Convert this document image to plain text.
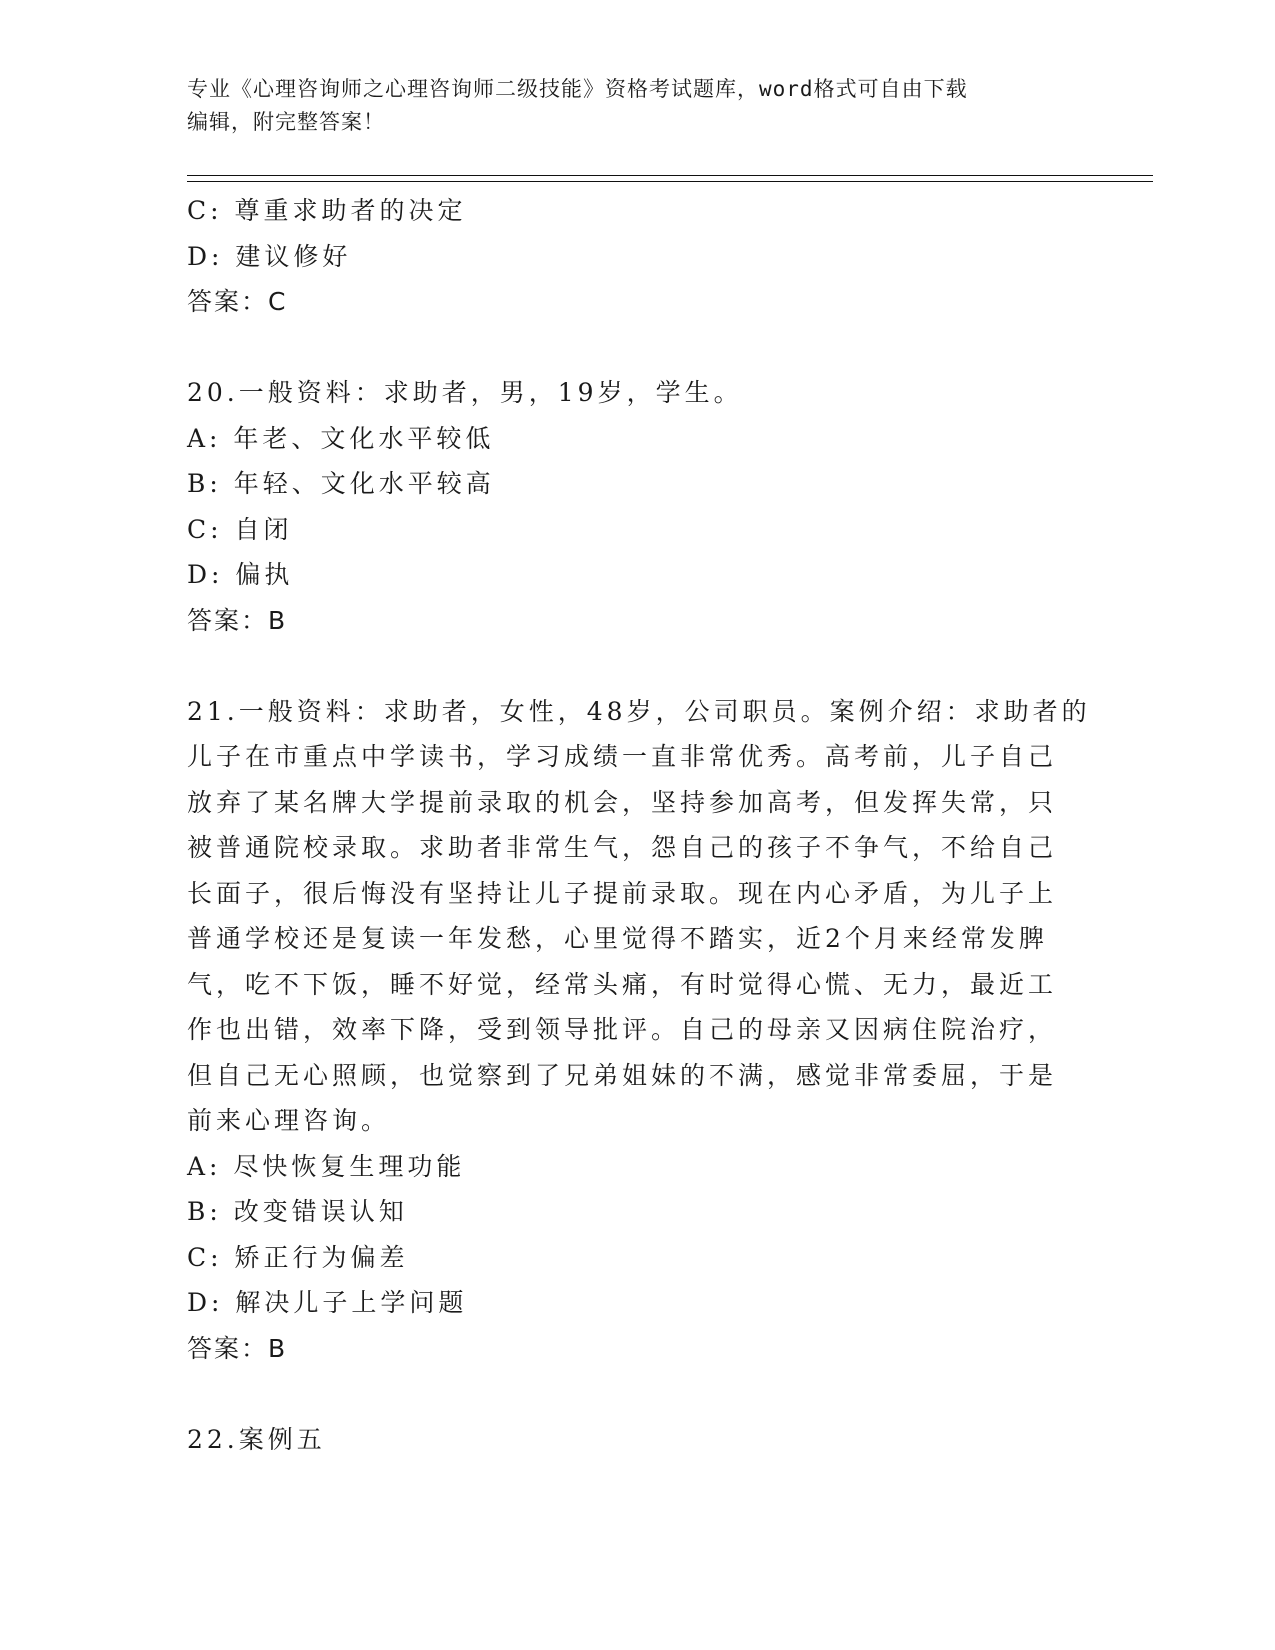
专业《心理咨询师之心理咨询师二级技能》资格考试题库，word格式可自由下载
编辑，附完整答案！
C: 尊重求助者的决定
D: 建议修好
答案：C
20.一般资料：求助者，男，19岁，学生。
A: 年老、文化水平较低
B: 年轻、文化水平较高
C: 自闭
D: 偏执
答案：B
21.一般资料：求助者，女性，48岁，公司职员。案例介绍：求助者的
儿子在市重点中学读书，学习成绩一直非常优秀。高考前，儿子自己
放弃了某名牌大学提前录取的机会，坚持参加高考，但发挥失常，只
被普通院校录取。求助者非常生气，怨自己的孩子不争气，不给自己
长面子，很后悔没有坚持让儿子提前录取。现在内心矛盾，为儿子上
普通学校还是复读一年发愁，心里觉得不踏实，近2个月来经常发脾
气，吃不下饭，睡不好觉，经常头痛，有时觉得心慌、无力，最近工
作也出错，效率下降，受到领导批评。自己的母亲又因病住院治疗，
但自己无心照顾，也觉察到了兄弟姐妹的不满，感觉非常委屈，于是
前来心理咨询。
A: 尽快恢复生理功能
B: 改变错误认知
C: 矫正行为偏差
D: 解决儿子上学问题
答案：B
22.案例五
